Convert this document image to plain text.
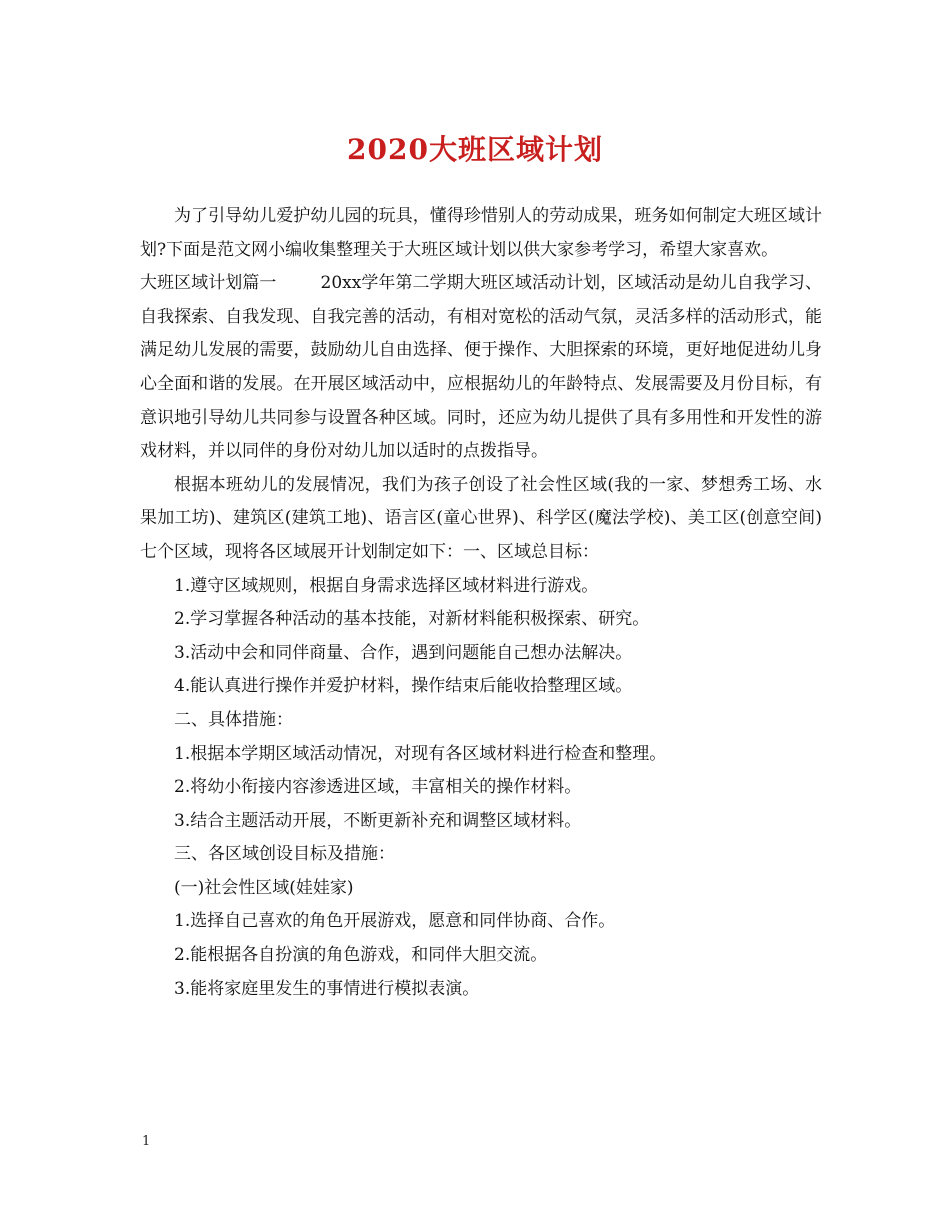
2020大班区域计划

为了引导幼儿爱护幼儿园的玩具，懂得珍惜别人的劳动成果，班务如何制定大班区域计划?下面是范文网小编收集整理关于大班区域计划以供大家参考学习，希望大家喜欢。

大班区域计划篇一	20xx学年第二学期大班区域活动计划，区域活动是幼儿自我学习、自我探索、自我发现、自我完善的活动，有相对宽松的活动气氛，灵活多样的活动形式，能满足幼儿发展的需要，鼓励幼儿自由选择、便于操作、大胆探索的环境，更好地促进幼儿身心全面和谐的发展。在开展区域活动中，应根据幼儿的年龄特点、发展需要及月份目标，有意识地引导幼儿共同参与设置各种区域。同时，还应为幼儿提供了具有多用性和开发性的游戏材料，并以同伴的身份对幼儿加以适时的点拨指导。

根据本班幼儿的发展情况，我们为孩子创设了社会性区域(我的一家、梦想秀工场、水果加工坊)、建筑区(建筑工地)、语言区(童心世界)、科学区(魔法学校)、美工区(创意空间)七个区域，现将各区域展开计划制定如下：一、区域总目标：

1.遵守区域规则，根据自身需求选择区域材料进行游戏。

2.学习掌握各种活动的基本技能，对新材料能积极探索、研究。

3.活动中会和同伴商量、合作，遇到问题能自己想办法解决。

4.能认真进行操作并爱护材料，操作结束后能收拾整理区域。

二、具体措施：

1.根据本学期区域活动情况，对现有各区域材料进行检查和整理。

2.将幼小衔接内容渗透进区域，丰富相关的操作材料。

3.结合主题活动开展，不断更新补充和调整区域材料。

三、各区域创设目标及措施：

(一)社会性区域(娃娃家)

1.选择自己喜欢的角色开展游戏，愿意和同伴协商、合作。

2.能根据各自扮演的角色游戏，和同伴大胆交流。

3.能将家庭里发生的事情进行模拟表演。

1
